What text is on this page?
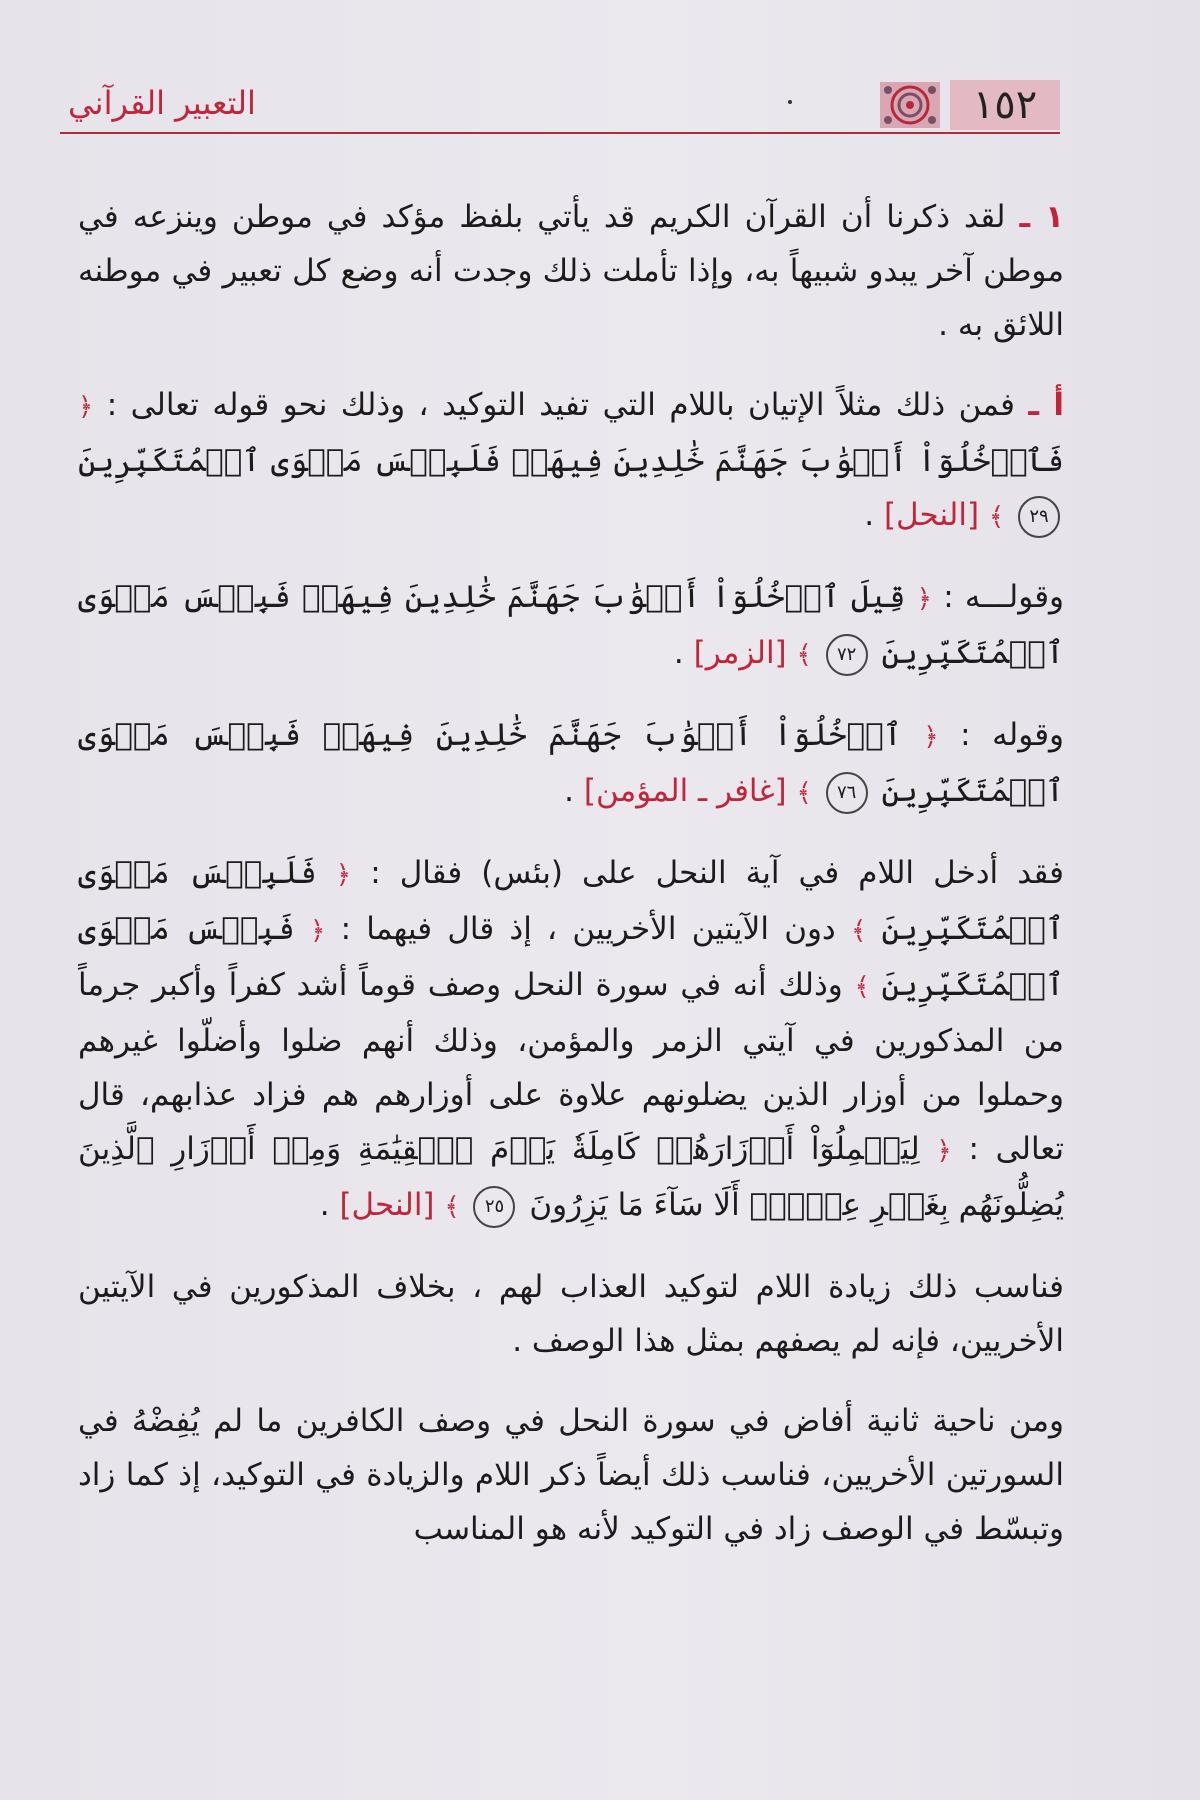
التعبير القرآني	١٥٢

١ ـ لقد ذكرنا أن القرآن الكريم قد يأتي بلفظ مؤكد في موطن وينزعه في موطن آخر يبدو شبيهاً به، وإذا تأملت ذلك وجدت أنه وضع كل تعبير في موطنه اللائق به .

أ ـ فمن ذلك مثلاً الإتيان باللام التي تفيد التوكيد ، وذلك نحو قوله تعالى : ﴿ فَٱدۡخُلُوٓاْ أَبۡوَٰبَ جَهَنَّمَ خَٰلِدِينَ فِيهَاۖ فَلَبِئۡسَ مَثۡوَى ٱلۡمُتَكَبِّرِينَ ٢٩ ﴾ [النحل] .

وقولـــه : ﴿ قِيلَ ٱدۡخُلُوٓاْ أَبۡوَٰبَ جَهَنَّمَ خَٰلِدِينَ فِيهَاۖ فَبِئۡسَ مَثۡوَى ٱلۡمُتَكَبِّرِينَ ٧٢ ﴾ [الزمر] .

وقوله : ﴿ ٱدۡخُلُوٓاْ أَبۡوَٰبَ جَهَنَّمَ خَٰلِدِينَ فِيهَاۖ فَبِئۡسَ مَثۡوَى ٱلۡمُتَكَبِّرِينَ ٧٦ ﴾ [غافر ـ المؤمن] .

فقد أدخل اللام في آية النحل على (بئس) فقال : ﴿ فَلَبِئۡسَ مَثۡوَى ٱلۡمُتَكَبِّرِينَ ﴾ دون الآيتين الأخريين ، إذ قال فيهما : ﴿ فَبِئۡسَ مَثۡوَى ٱلۡمُتَكَبِّرِينَ ﴾ وذلك أنه في سورة النحل وصف قوماً أشد كفراً وأكبر جرماً من المذكورين في آيتي الزمر والمؤمن، وذلك أنهم ضلوا وأضلّوا غيرهم وحملوا من أوزار الذين يضلونهم علاوة على أوزارهم هم فزاد عذابهم، قال تعالى : ﴿ لِيَحۡمِلُوٓاْ أَوۡزَارَهُمۡ كَامِلَةٗ يَوۡمَ ٱلۡقِيَٰمَةِ وَمِنۡ أَوۡزَارِ ٱلَّذِينَ يُضِلُّونَهُم بِغَيۡرِ عِلۡمٍۗ أَلَا سَآءَ مَا يَزِرُونَ ٢٥ ﴾ [النحل] .

فناسب ذلك زيادة اللام لتوكيد العذاب لهم ، بخلاف المذكورين في الآيتين الأخريين، فإنه لم يصفهم بمثل هذا الوصف .

ومن ناحية ثانية أفاض في سورة النحل في وصف الكافرين ما لم يُفِضْهُ في السورتين الأخريين، فناسب ذلك أيضاً ذكر اللام والزيادة في التوكيد، إذ كما زاد وتبسّط في الوصف زاد في التوكيد لأنه هو المناسب
